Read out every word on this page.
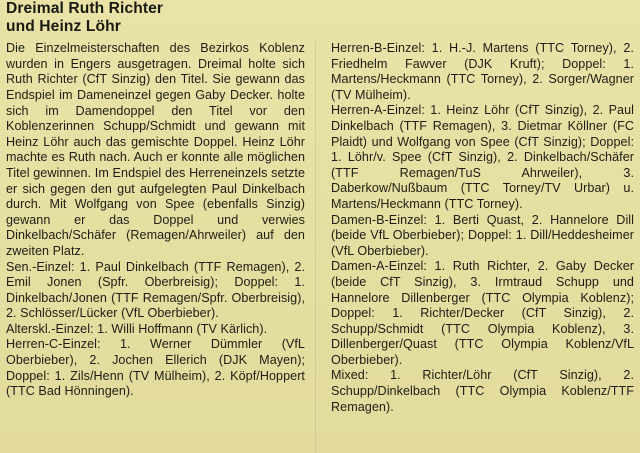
Dreimal Ruth Richter
und Heinz Löhr

Die Einzelmeisterschaften des Bezirkos Koblenz wurden in Engers ausgetragen. Dreimal holte sich Ruth Richter (CfT Sinzig) den Titel. Sie gewann das Endspiel im Dameneinzel gegen Gaby Decker. holte sich im Damendoppel den Titel vor den Koblenzerinnen Schupp/Schmidt und gewann mit Heinz Löhr auch das gemischte Doppel. Heinz Löhr machte es Ruth nach. Auch er konnte alle möglichen Titel gewinnen. Im Endspiel des Herreneinzels setzte er sich gegen den gut aufgelegten Paul Dinkelbach durch. Mit Wolfgang von Spee (ebenfalls Sinzig) gewann er das Doppel und verwies Dinkelbach/Schäfer (Remagen/Ahrweiler) auf den zweiten Platz.

Sen.-Einzel: 1. Paul Dinkelbach (TTF Remagen), 2. Emil Jonen (Spfr. Oberbreisig); Doppel: 1. Dinkelbach/Jonen (TTF Remagen/Spfr. Oberbreisig), 2. Schlösser/Lücker (VfL Oberbieber).

Alterskl.-Einzel: 1. Willi Hoffmann (TV Kärlich).

Herren-C-Einzel: 1. Werner Dümmler (VfL Oberbieber), 2. Jochen Ellerich (DJK Mayen); Doppel: 1. Zils/Henn (TV Mülheim), 2. Köpf/Hoppert (TTC Bad Hönningen).

Herren-B-Einzel: 1. H.-J. Martens (TTC Torney), 2. Friedhelm Fawver (DJK Kruft); Doppel: 1. Martens/Heckmann (TTC Torney), 2. Sorger/Wagner (TV Mülheim).

Herren-A-Einzel: 1. Heinz Löhr (CfT Sinzig), 2. Paul Dinkelbach (TTF Remagen), 3. Dietmar Köllner (FC Plaidt) und Wolfgang von Spee (CfT Sinzig); Doppel: 1. Löhr/v. Spee (CfT Sinzig), 2. Dinkelbach/Schäfer (TTF Remagen/TuS Ahrweiler), 3. Daberkow/Nußbaum (TTC Torney/TV Urbar) u. Martens/Heckmann (TTC Torney).

Damen-B-Einzel: 1. Berti Quast, 2. Hannelore Dill (beide VfL Oberbieber); Doppel: 1. Dill/Heddesheimer (VfL Oberbieber).

Damen-A-Einzel: 1. Ruth Richter, 2. Gaby Decker (beide CfT Sinzig), 3. Irmtraud Schupp und Hannelore Dillenberger (TTC Olympia Koblenz); Doppel: 1. Richter/Decker (CfT Sinzig), 2. Schupp/Schmidt (TTC Olympia Koblenz), 3. Dillenberger/Quast (TTC Olympia Koblenz/VfL Oberbieber).

Mixed: 1. Richter/Löhr (CfT Sinzig), 2. Schupp/Dinkelbach (TTC Olympia Koblenz/TTF Remagen).
